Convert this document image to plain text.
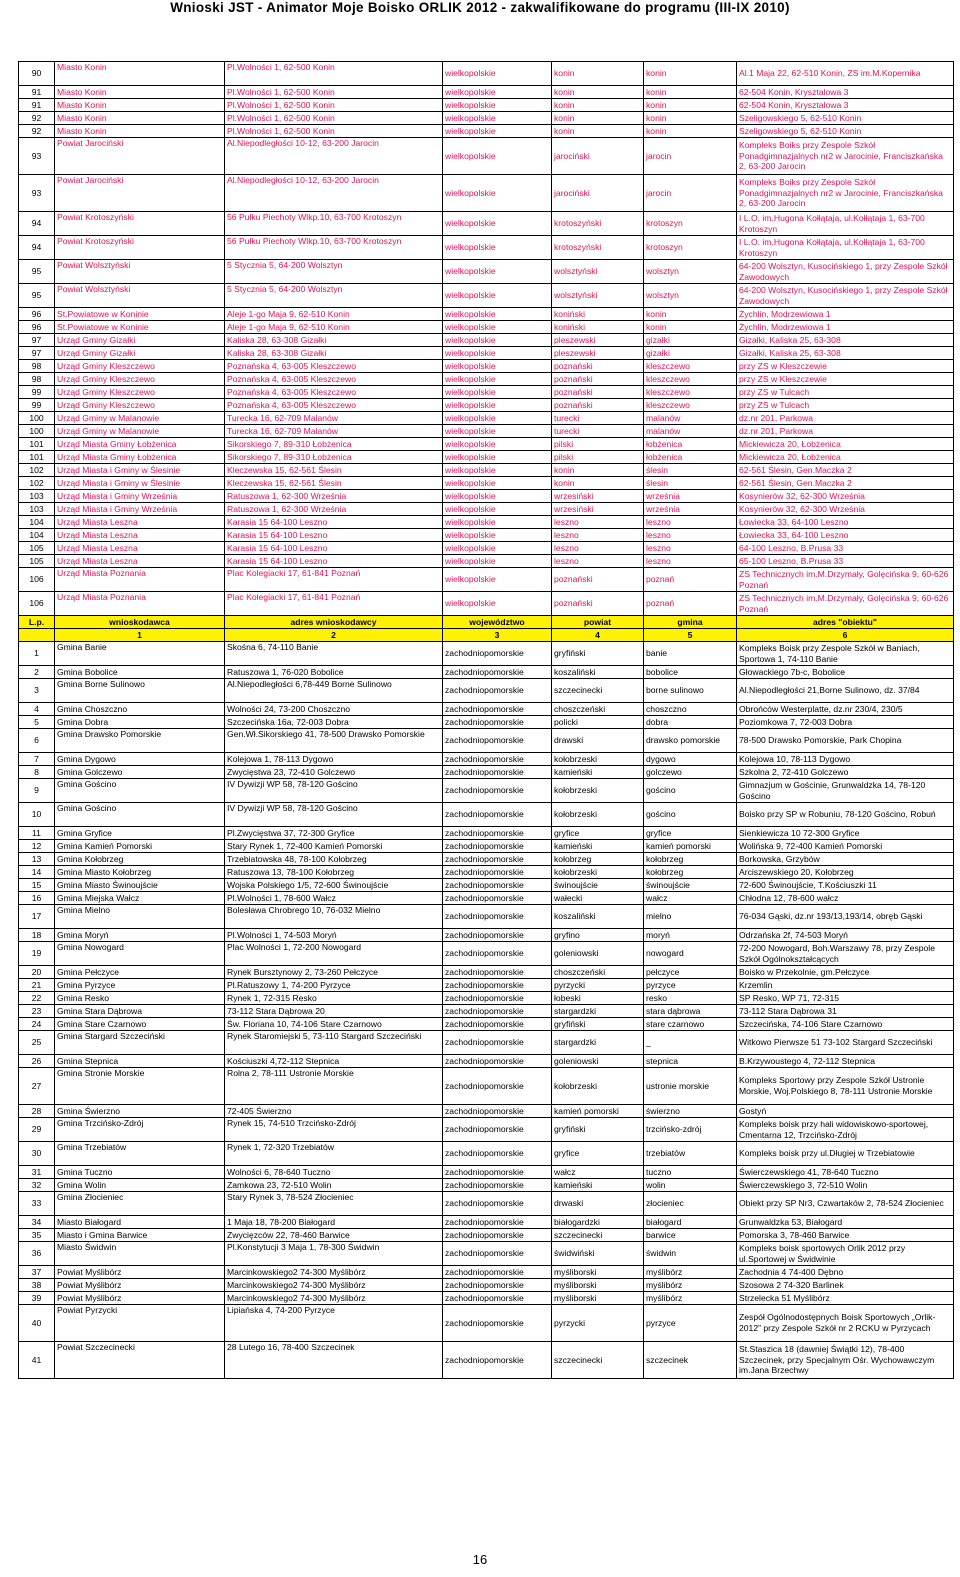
Wnioski JST - Animator Moje Boisko ORLIK 2012 - zakwalifikowane do programu (III-IX 2010)
90	Miasto Konin	Pl.Wolności 1, 62-500 Konin	wielkopolskie	konin	konin	Al.1 Maja 22, 62-510 Konin, ZS im.M.Kopernika
91	Miasto Konin	Pl.Wolności 1, 62-500 Konin	wielkopolskie	konin	konin	62-504 Konin, Krysztalowa 3
91	Miasto Konin	Pl.Wolności 1, 62-500 Konin	wielkopolskie	konin	konin	62-504 Konin, Krysztalowa 3
92	Miasto Konin	Pl.Wolności 1, 62-500 Konin	wielkopolskie	konin	konin	Szeligowskiego 5, 62-510 Konin
92	Miasto Konin	Pl.Wolności 1, 62-500 Konin	wielkopolskie	konin	konin	Szeligowskiego 5, 62-510 Konin
93	Powiat Jarociński	Al.Niepodległości 10-12, 63-200 Jarocin	wielkopolskie	jarociński	jarocin	Kompleks Boiks przy Zespole Szkół Ponadgimnazjalnych nr2 w Jarocinie, Franciszkańska 2, 63-200 Jarocin
93	Powiat Jarociński	Al.Niepodległości 10-12, 63-200 Jarocin	wielkopolskie	jarociński	jarocin	Kompleks Boiks przy Zespole Szkół Ponadgimnazjalnych nr2 w Jarocinie, Franciszkańska 2, 63-200 Jarocin
94	Powiat Krotoszyński	56 Pułku Piechoty Wlkp.10, 63-700 Krotoszyn	wielkopolskie	krotoszyński	krotoszyn	I L.O. im.Hugona Kołłątaja, ul.Kołłątaja 1, 63-700 Krotoszyn
94	Powiat Krotoszyński	56 Pułku Piechoty Wlkp.10, 63-700 Krotoszyn	wielkopolskie	krotoszyński	krotoszyn	I L.O. im.Hugona Kołłątaja, ul.Kołłątaja 1, 63-700 Krotoszyn
95	Powiat Wolsztyński	5 Stycznia 5, 64-200 Wolsztyn	wielkopolskie	wolsztyński	wolsztyn	64-200 Wolsztyn, Kusocińskiego 1, przy Zespole Szkół Zawodowych
95	Powiat Wolsztyński	5 Stycznia 5, 64-200 Wolsztyn	wielkopolskie	wolsztyński	wolsztyn	64-200 Wolsztyn, Kusocińskiego 1, przy Zespole Szkół Zawodowych
96	St.Powiatowe w Koninie	Aleje 1-go Maja 9, 62-510 Konin	wielkopolskie	koniński	konin	Żychlin, Modrzewiowa 1
96	St.Powiatowe w Koninie	Aleje 1-go Maja 9, 62-510 Konin	wielkopolskie	koniński	konin	Żychlin, Modrzewiowa 1
97	Urząd Gminy Gizałki	Kaliska 28, 63-308 Gizałki	wielkopolskie	pleszewski	gizałki	Gizałki, Kaliska 25, 63-308
97	Urząd Gminy Gizałki	Kaliska 28, 63-308 Gizałki	wielkopolskie	pleszewski	gizałki	Gizałki, Kaliska 25, 63-308
98	Urząd Gminy Kleszczewo	Poznańska 4, 63-005 Kleszczewo	wielkopolskie	poznański	kleszczewo	przy ZS w Kleszczewie
98	Urząd Gminy Kleszczewo	Poznańska 4, 63-005 Kleszczewo	wielkopolskie	poznański	kleszczewo	przy ZS w Kleszczewie
99	Urząd Gminy Kleszczewo	Poznańska 4, 63-005 Kleszczewo	wielkopolskie	poznański	kleszczewo	przy ZS w Tulcach
99	Urząd Gminy Kleszczewo	Poznańska 4, 63-005 Kleszczewo	wielkopolskie	poznański	kleszczewo	przy ZS w Tulcach
100	Urząd Gminy w Malanowie	Turecka 16, 62-709 Malanów	wielkopolskie	turecki	malanów	dz.nr 201, Parkowa
100	Urząd Gminy w Malanowie	Turecka 16, 62-709 Malanów	wielkopolskie	turecki	malanów	dz.nr 201, Parkowa
101	Urząd Miasta Gminy Łobżenica	Sikorskiego 7, 89-310 Łobżenica	wielkopolskie	pilski	łobżenica	Mickiewicza 20, Łobżenica
101	Urząd Miasta Gminy Łobżenica	Sikorskiego 7, 89-310 Łobżenica	wielkopolskie	pilski	łobżenica	Mickiewicza 20, Łobżenica
102	Urząd Miasta i Gminy w Ślesinie	Kleczewska 15, 62-561 Ślesin	wielkopolskie	konin	ślesin	62-561 Ślesin, Gen.Maczka 2
102	Urząd Miasta i Gminy w Ślesinie	Kleczewska 15, 62-561 Ślesin	wielkopolskie	konin	ślesin	62-561 Ślesin, Gen.Maczka 2
103	Urząd Miasta i Gminy Września	Ratuszowa 1, 62-300 Września	wielkopolskie	wrzesiński	września	Kosynierów 32, 62-300 Września
103	Urząd Miasta i Gminy Września	Ratuszowa 1, 62-300 Września	wielkopolskie	wrzesiński	września	Kosynierów 32, 62-300 Września
104	Urząd Miasta Leszna	Karasia 15 64-100 Leszno	wielkopolskie	leszno	leszno	Łowiecka 33, 64-100 Leszno
104	Urząd Miasta Leszna	Karasia 15 64-100 Leszno	wielkopolskie	leszno	leszno	Łowiecka 33, 64-100 Leszno
105	Urząd Miasta Leszna	Karasia 15 64-100 Leszno	wielkopolskie	leszno	leszno	64-100 Leszno, B.Prusa 33
105	Urząd Miasta Leszna	Karasia 15 64-100 Leszno	wielkopolskie	leszno	leszno	65-100 Leszno, B.Prusa 33
106	Urząd Miasta Poznania	Plac Kolegiacki 17, 61-841 Poznań	wielkopolskie	poznański	poznań	ZS Technicznych im.M.Drzymały, Golęcińska 9, 60-626 Poznań
106	Urząd Miasta Poznania	Plac Kolegiacki 17, 61-841 Poznań	wielkopolskie	poznański	poznań	ZS Technicznych im.M.Drzymały, Golęcińska 9, 60-626 Poznań
L.p.	wnioskodawca	adres wnioskodawcy	województwo	powiat	gmina	adres "obiektu"
	1	2	3	4	5	6
1	Gmina Banie	Skośna 6, 74-110 Banie	zachodniopomorskie	gryfiński	banie	Kompleks Boisk przy Zespole Szkół w Baniach, Sportowa 1, 74-110 Banie
2	Gmina Bobolice	Ratuszowa 1, 76-020 Bobolice	zachodniopomorskie	koszaliński	bobolice	Głowackiego 7b-c, Bobolice
3	Gmina Borne Sulinowo	Al.Niepodległości 6,78-449 Borne Sulinowo	zachodniopomorskie	szczecinecki	borne sulinowo	Al.Niepodległości 21,Borne Sulinowo, dz. 37/84
4	Gmina Choszczno	Wolności 24, 73-200 Choszczno	zachodniopomorskie	choszczeński	choszczno	Obrońców Westerplatte, dz.nr 230/4, 230/5
5	Gmina Dobra	Szczecińska 16a, 72-003 Dobra	zachodniopomorskie	policki	dobra	Poziomkowa 7, 72-003 Dobra
6	Gmina Drawsko Pomorskie	Gen.Wł.Sikorskiego 41, 78-500 Drawsko Pomorskie	zachodniopomorskie	drawski	drawsko pomorskie	78-500 Drawsko Pomorskie, Park Chopina
7	Gmina Dygowo	Kolejowa 1, 78-113 Dygowo	zachodniopomorskie	kołobrzeski	dygowo	Kolejowa 10, 78-113 Dygowo
8	Gmina Golczewo	Zwycięstwa 23, 72-410 Golczewo	zachodniopomorskie	kamieński	golczewo	Szkolna 2, 72-410 Golczewo
9	Gmina Gościno	IV Dywizji WP 58, 78-120 Gościno	zachodniopomorskie	kołobrzeski	gościno	Gimnazjum w Gościnie, Grunwaldzka 14, 78-120 Gościno
10	Gmina Gościno	IV Dywizji WP 58, 78-120 Gościno	zachodniopomorskie	kołobrzeski	gościno	Boisko przy SP w Robuniu, 78-120 Gościno, Robuń
11	Gmina Gryfice	Pl.Zwycięstwa 37, 72-300 Gryfice	zachodniopomorskie	gryfice	gryfice	Sienkiewicza 10 72-300 Gryfice
12	Gmina Kamień Pomorski	Stary Rynek 1, 72-400 Kamień Pomorski	zachodniopomorskie	kamieński	kamień pomorski	Wolińska 9, 72-400 Kamień Pomorski
13	Gmina Kołobrzeg	Trzebiatowska 48, 78-100 Kołobrzeg	zachodniopomorskie	kołobrzeg	kołobrzeg	Borkowska, Grzybów
14	Gmina Miasto Kołobrzeg	Ratuszowa 13, 78-100 Kołobrzeg	zachodniopomorskie	kołobrzeski	kołobrzeg	Arciszewskiego 20, Kołobrzeg
15	Gmina Miasto Świnoujście	Wojska Polskiego 1/5, 72-600 Świnoujście	zachodniopomorskie	świnoujście	świnoujście	72-600 Świnoujście, T.Kościuszki 11
16	Gmina Miejska Wałcz	Pl.Wolności 1, 78-600 Wałcz	zachodniopomorskie	wałecki	wałcz	Chłodna 12, 78-600 wałcz
17	Gmina Mielno	Bolesława Chrobrego 10, 76-032 Mielno	zachodniopomorskie	koszaliński	mielno	76-034 Gąski, dz.nr 193/13,193/14, obręb Gąski
18	Gmina Moryń	Pl.Wolności 1, 74-503 Moryń	zachodniopomorskie	gryfino	moryń	Odrzańska 2f, 74-503 Moryń
19	Gmina Nowogard	Plac Wolności 1, 72-200 Nowogard	zachodniopomorskie	goleniowski	nowogard	72-200 Nowogard, Boh.Warszawy 78, przy Zespole Szkół Ogólnokształcących
20	Gmina Pełczyce	Rynek Bursztynowy 2, 73-260 Pełczyce	zachodniopomorskie	choszczeński	pełczyce	Boisko w Przekolnie, gm.Pełczyce
21	Gmina Pyrzyce	Pl.Ratuszowy 1, 74-200 Pyrzyce	zachodniopomorskie	pyrzycki	pyrzyce	Krzemlin
22	Gmina Resko	Rynek 1, 72-315 Resko	zachodniopomorskie	łobeski	resko	SP Resko, WP 71, 72-315
23	Gmina Stara Dąbrowa	73-112 Stara Dąbrowa 20	zachodniopomorskie	stargardzki	stara dąbrowa	73-112 Stara Dąbrowa 31
24	Gmina Stare Czarnowo	Św. Floriana 10, 74-106 Stare Czarnowo	zachodniopomorskie	gryfiński	stare czarnowo	Szczecińska, 74-106 Stare Czarnowo
25	Gmina Stargard Szczeciński	Rynek Staromiejski 5, 73-110 Stargard Szczeciński	zachodniopomorskie	stargardzki	_	Witkowo Pierwsze 51 73-102 Stargard Szczeciński
26	Gmina Stepnica	Kościuszki 4,72-112 Stepnica	zachodniopomorskie	goleniowski	stepnica	B.Krzywoustego 4, 72-112 Stepnica
27	Gmina Stronie Morskie	Rolna 2, 78-111 Ustronie Morskie	zachodniopomorskie	kołobrzeski	ustronie morskie	Kompleks Sportowy przy Zespole Szkół Ustronie Morskie, Woj.Polskiego 8, 78-111 Ustronie Morskie
28	Gmina Świerzno	72-405 Świerzno	zachodniopomorskie	kamień pomorski	świerzno	Gostyń
29	Gmina Trzcińsko-Zdrój	Rynek 15, 74-510 Trzcińsko-Zdrój	zachodniopomorskie	gryfiński	trzcińsko-zdrój	Kompleks boisk przy hali widowiskowo-sportowej, Cmentarna 12, Trzcińsko-Zdrój
30	Gmina Trzebiatów	Rynek 1, 72-320 Trzebiatów	zachodniopomorskie	gryfice	trzebiatów	Kompleks boisk przy ul.Długiej w Trzebiatowie
31	Gmina Tuczno	Wolności 6, 78-640 Tuczno	zachodniopomorskie	wałcz	tuczno	Świerczewskiego 41, 78-640 Tuczno
32	Gmina Wolin	Zamkowa 23, 72-510 Wolin	zachodniopomorskie	kamieński	wolin	Świerczewskiego 3, 72-510 Wolin
33	Gmina Złocieniec	Stary Rynek 3, 78-524 Złocieniec	zachodniopomorskie	drwaski	złocieniec	Obiekt przy SP Nr3, Czwartaków 2, 78-524 Złocieniec
34	Miasto Białogard	1 Maja 18, 78-200 Białogard	zachodniopomorskie	białogardzki	białogard	Grunwaldzka 53, Białogard
35	Miasto i Gmina Barwice	Zwycięzców 22, 78-460 Barwice	zachodniopomorskie	szczecinecki	barwice	Pomorska 3, 78-460 Barwice
36	Miasto Świdwin	Pl.Konstytucji 3 Maja 1, 78-300 Świdwin	zachodniopomorskie	świdwiński	świdwin	Kompleks boisk sportowych Orlik 2012 przy ul.Sportowej w Świdwinie
37	Powiat Myślibórz	Marcinkowskiego2 74-300 Myślibórz	zachodniopomorskie	myśliborski	myślibórz	Zachodnia 4 74-400 Dębno
38	Powiat Myślibórz	Marcinkowskiego2 74-300 Myślibórz	zachodniopomorskie	myśliborski	myślibórz	Szosowa 2 74-320 Barlinek
39	Powiat Myślibórz	Marcinkowskiego2 74-300 Myślibórz	zachodniopomorskie	myśliborski	myślibórz	Strzelecka 51 Myślibórz
40	Powiat Pyrzycki	Lipiańska 4, 74-200 Pyrzyce	zachodniopomorskie	pyrzycki	pyrzyce	Zespół Ogólnodostępnych Boisk Sportowych „Orlik-2012” przy Zespole Szkół nr 2 RCKU w Pyrzycach
41	Powiat Szczecinecki	28 Lutego 16, 78-400 Szczecinek	zachodniopomorskie	szczecinecki	szczecinek	St.Staszica 18 (dawniej Świątki 12), 78-400 Szczecinek, przy Specjalnym Ośr. Wychowawczym im.Jana Brzechwy
16
